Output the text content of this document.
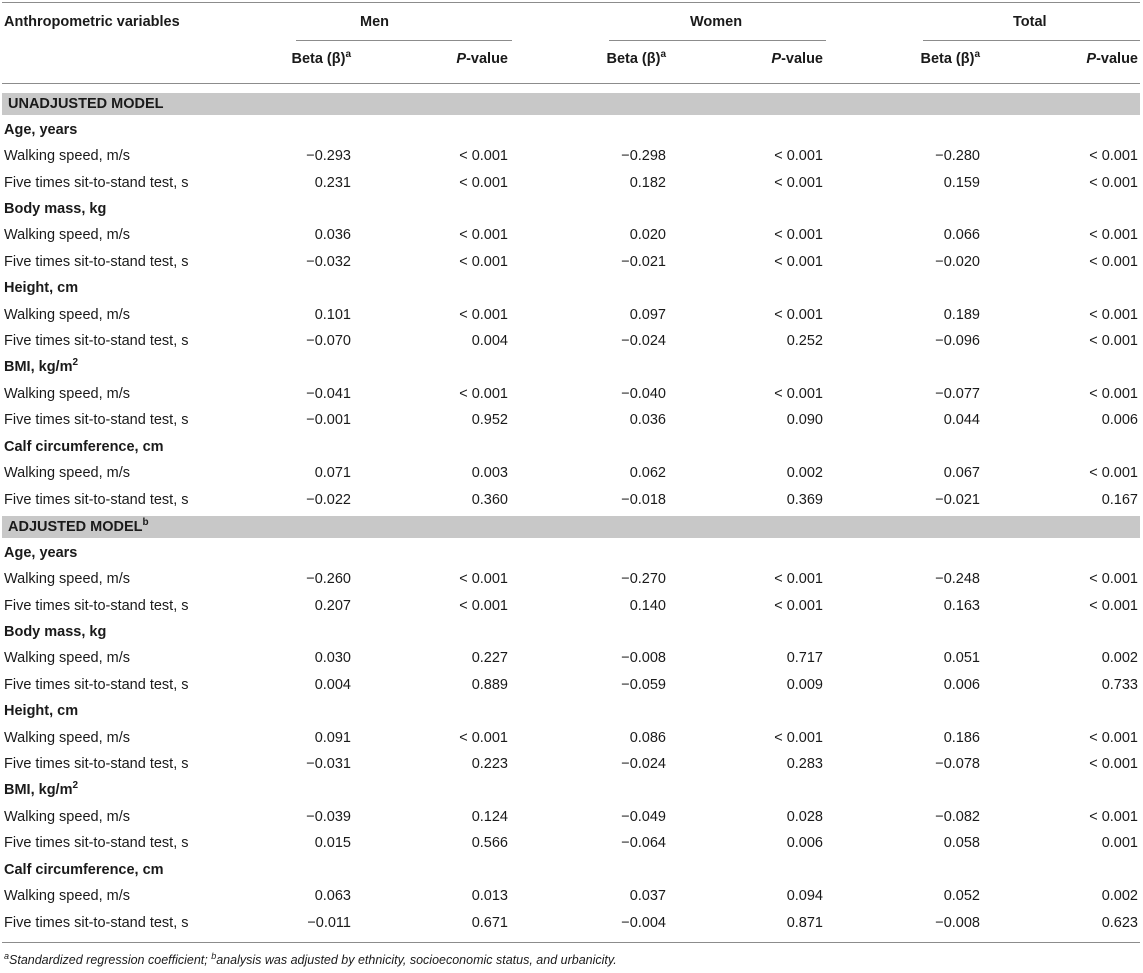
Anthropometric variables	Men	Women	Total
Beta $(\beta)^a$	P-value	Beta $(\beta)^a$	P-value	Beta $(\beta)^a$	P-value
UNADJUSTED MODEL
Age, years
Walking speed, m/s	−0.293	< 0.001	−0.298	< 0.001	−0.280	< 0.001
Five times sit-to-stand test, s	0.231	< 0.001	0.182	< 0.001	0.159	< 0.001
Body mass, kg
Walking speed, m/s	0.036	< 0.001	0.020	< 0.001	0.066	< 0.001
Five times sit-to-stand test, s	−0.032	< 0.001	−0.021	< 0.001	−0.020	< 0.001
Height, cm
Walking speed, m/s	0.101	< 0.001	0.097	< 0.001	0.189	< 0.001
Five times sit-to-stand test, s	−0.070	0.004	−0.024	0.252	−0.096	< 0.001
BMI, $kg/m^2$
Walking speed, m/s	−0.041	< 0.001	−0.040	< 0.001	−0.077	< 0.001
Five times sit-to-stand test, s	−0.001	0.952	0.036	0.090	0.044	0.006
Calf circumference, cm
Walking speed, m/s	0.071	0.003	0.062	0.002	0.067	< 0.001
Five times sit-to-stand test, s	−0.022	0.360	−0.018	0.369	−0.021	0.167
ADJUSTED MODEL$^b$
Age, years
Walking speed, m/s	−0.260	< 0.001	−0.270	< 0.001	−0.248	< 0.001
Five times sit-to-stand test, s	0.207	< 0.001	0.140	< 0.001	0.163	< 0.001
Body mass, kg
Walking speed, m/s	0.030	0.227	−0.008	0.717	0.051	0.002
Five times sit-to-stand test, s	0.004	0.889	−0.059	0.009	0.006	0.733
Height, cm
Walking speed, m/s	0.091	< 0.001	0.086	< 0.001	0.186	< 0.001
Five times sit-to-stand test, s	−0.031	0.223	−0.024	0.283	−0.078	< 0.001
BMI, $kg/m^2$
Walking speed, m/s	−0.039	0.124	−0.049	0.028	−0.082	< 0.001
Five times sit-to-stand test, s	0.015	0.566	−0.064	0.006	0.058	0.001
Calf circumference, cm
Walking speed, m/s	0.063	0.013	0.037	0.094	0.052	0.002
Five times sit-to-stand test, s	−0.011	0.671	−0.004	0.871	−0.008	0.623
$^a$Standardized regression coefficient; $^b$analysis was adjusted by ethnicity, socioeconomic status, and urbanicity.
